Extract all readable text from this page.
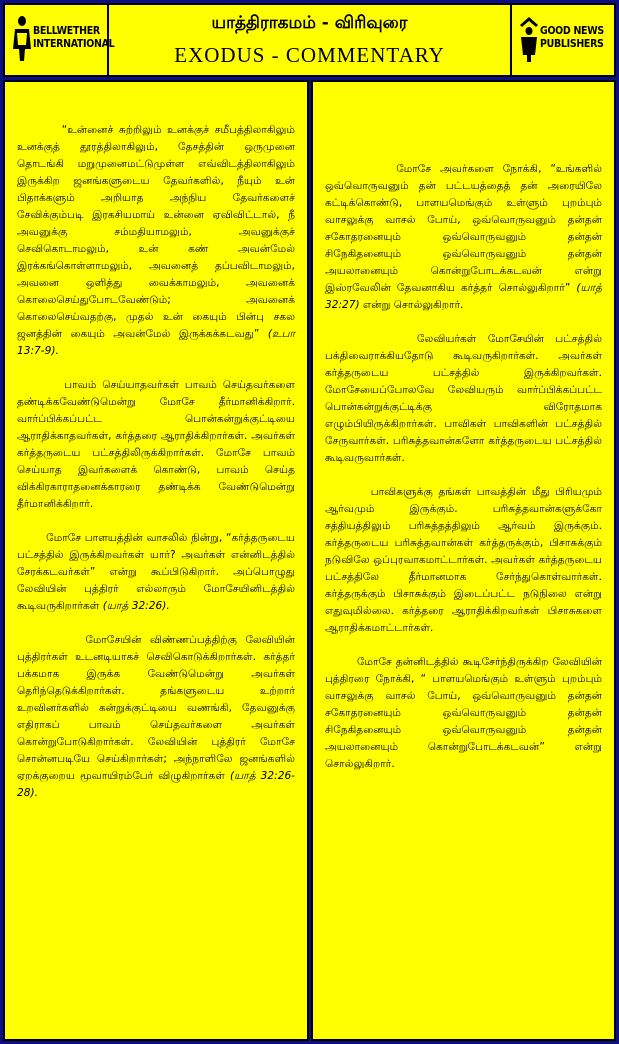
BELLWETHER
INTERNATIONAL
யாத்திராகமம் - விரிவுரை
EXODUS - COMMENTARY
GOOD NEWS
PUBLISHERS

“உன்னைச் சுற்றிலும் உனக்குச் சமீபத்திலாகிலும் உனக்குத் தூரத்திலாகிலும், தேசத்தின் ஒருமுனை தொடங்கி மறுமுனைமட்டுமுள்ள எவ்விடத்திலாகிலும் இருக்கிற ஜனங்களுடைய தேவர்களில், நீயும் உன் பிதாக்களும் அறியாத அந்நிய தேவர்களைச் சேவிக்கும்படி இரகசியமாய் உன்னை ஏவிவிட்டால், நீ அவனுக்கு சம்மதியாமலும், அவனுக்குச் செவிகொடாமலும், உன் கண் அவன்மேல் இரக்கங்கொள்ளாமலும், அவனைத் தப்பவிடாமலும், அவனை ஒளித்து வைக்காமலும், அவனைக் கொலைசெய்துபோடவேண்டும்; அவனைக் கொலைசெய்வதற்கு, முதல் உன் கையும் பின்பு சகல ஜனத்தின் கையும் அவன்மேல் இருக்கக்கடவது” (உபா 13:7-9).

பாவம் செய்யாதவர்கள் பாவம் செய்தவர்களை தண்டிக்கவேண்டுமென்று மோசே தீர்மானிக்கிறார். வார்ப்பிக்கப்பட்ட பொன்கன்றுக்குட்டியை ஆராதிக்காதவர்கள், கர்த்தரை ஆராதிக்கிறார்கள். அவர்கள் கர்த்தருடைய பட்சத்திலிருக்கிறார்கள். மோசே பாவம் செய்யாத இவர்களைக் கொண்டு, பாவம் செய்த விக்கிரகாராதனைக்காரரை தண்டிக்க வேண்டுமென்று தீர்மானிக்கிறார்.

மோசே பாளயத்தின் வாசலில் நின்று, “கர்த்தருடைய பட்சத்தில் இருக்கிறவர்கள் யார்? அவர்கள் என்னிடத்தில் சேரக்கடவர்கள்” என்று கூப்பிடுகிறார். அப்பொழுது லேவியின் புத்திரர் எல்லாரும் மோசேயினிடத்தில் கூடிவருகிறார்கள் (யாத் 32:26).

மோசேயின் விண்ணப்பத்திற்கு லேவியின் புத்திரர்கள் உடனடியாகச் செவிகொடுக்கிறார்கள். கர்த்தர் பக்கமாக இருக்க வேண்டுமென்று அவர்கள் தெரிந்தெடுக்கிறார்கள். தங்களுடைய உற்றார் உறவினர்களில் கன்றுக்குட்டியை வணங்கி, தேவனுக்கு எதிராகப் பாவம் செய்தவர்களை அவர்கள் கொன்றுபோடுகிறார்கள். லேவியின் புத்திரர் மோசே சொன்னபடியே செய்கிறார்கள்; அந்நாளிலே ஜனங்களில் ஏறக்குறைய மூவாயிரம்பேர் விழுகிறார்கள் (யாத் 32:26-28).

மோசே அவர்களை நோக்கி, “உங்களில் ஒவ்வொருவனும் தன் பட்டயத்தைத் தன் அரையிலே கட்டிக்கொண்டு, பாளயமெங்கும் உள்ளும் புறம்பும் வாசலுக்கு வாசல் போய், ஒவ்வொருவனும் தன்தன் சகோதரனையும் ஒவ்வொருவனும் தன்தன் சிநேகிதனையும் ஒவ்வொருவனும் தன்தன் அயலானையும் கொன்றுபோடக்கடவன் என்று இஸ்ரவேலின் தேவனாகிய கர்த்தர் சொல்லுகிறார்” (யாத் 32:27) என்று சொல்லுகிறார்.

லேவியர்கள் மோசேயின் பட்சத்தில் பக்திவைராக்கியதோடு கூடிவருகிறார்கள். அவர்கள் கர்த்தருடைய பட்சத்தில் இருக்கிறவர்கள். மோசேயைப்போலவே லேவியரும் வார்ப்பிக்கப்பட்ட பொன்கன்றுக்குட்டிக்கு விரோதமாக எழும்பியிருக்கிறார்கள். பாவிகள் பாவிகளின் பட்சத்தில் சேருவார்கள். பரிசுத்தவான்களோ கர்த்தருடைய பட்சத்தில் கூடிவருவார்கள்.

பாவிகளுக்கு தங்கள் பாவத்தின் மீது பிரியமும் ஆர்வமும் இருக்கும். பரிசுத்தவான்களுக்கோ சத்தியத்திலும் பரிசுத்தத்திலும் ஆர்வம் இருக்கும். கர்த்தருடைய பரிசுத்தவான்கள் கர்த்தருக்கும், பிசாசுக்கும் நடுவிலே ஒப்புரவாகமாட்டார்கள். அவர்கள் கர்த்தருடைய பட்சத்திலே தீர்மானமாக சேர்ந்துகொள்வார்கள். கர்த்தருக்கும் பிசாசுக்கும் இடைப்பட்ட நடுநிலை என்று எதுவுமில்லை. கர்த்தரை ஆராதிக்கிறவர்கள் பிசாசுகளை ஆராதிக்கமாட்டார்கள்.

மோசே தன்னிடத்தில் கூடிசேர்ந்திருக்கிற லேவியின் புத்திரரை நோக்கி, “ பாளயமெங்கும் உள்ளும் புறம்பும் வாசலுக்கு வாசல் போய், ஒவ்வொருவனும் தன்தன் சகோதரனையும் ஒவ்வொருவனும் தன்தன் சிநேகிதனையும் ஒவ்வொருவனும் தன்தன் அயலானையும் கொன்றுபோடக்கடவன்” என்று சொல்லுகிறார்.
